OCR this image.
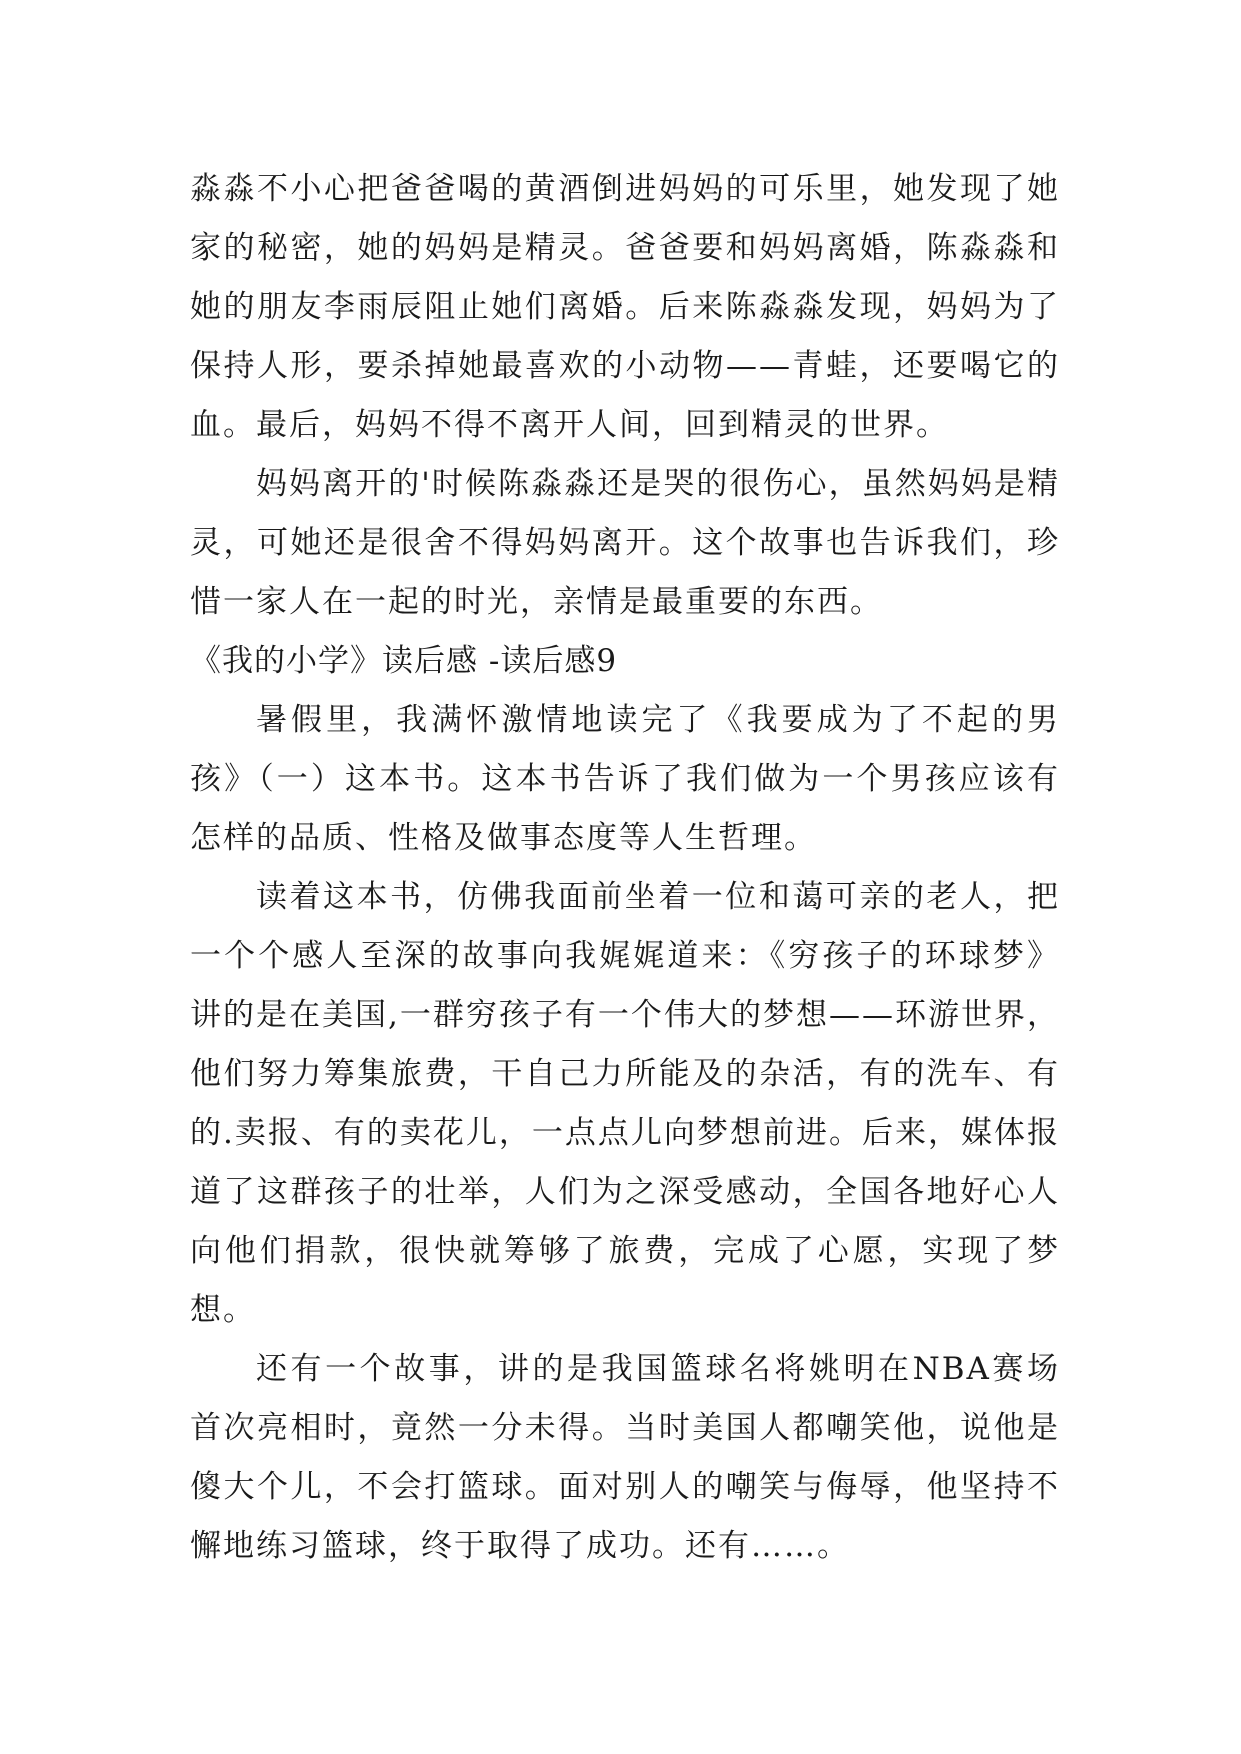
淼淼不小心把爸爸喝的黄酒倒进妈妈的可乐里，她发现了她家的秘密，她的妈妈是精灵。爸爸要和妈妈离婚，陈淼淼和她的朋友李雨辰阻止她们离婚。后来陈淼淼发现，妈妈为了保持人形，要杀掉她最喜欢的小动物——青蛙，还要喝它的血。最后，妈妈不得不离开人间，回到精灵的世界。

妈妈离开的'时候陈淼淼还是哭的很伤心，虽然妈妈是精灵，可她还是很舍不得妈妈离开。这个故事也告诉我们，珍惜一家人在一起的时光，亲情是最重要的东西。

《我的小学》读后感 -读后感9

暑假里，我满怀激情地读完了《我要成为了不起的男孩》（一）这本书。这本书告诉了我们做为一个男孩应该有怎样的品质、性格及做事态度等人生哲理。

读着这本书，仿佛我面前坐着一位和蔼可亲的老人，把一个个感人至深的故事向我娓娓道来：《穷孩子的环球梦》讲的是在美国,一群穷孩子有一个伟大的梦想——环游世界，他们努力筹集旅费，干自己力所能及的杂活，有的洗车、有的.卖报、有的卖花儿，一点点儿向梦想前进。后来，媒体报道了这群孩子的壮举，人们为之深受感动，全国各地好心人向他们捐款，很快就筹够了旅费，完成了心愿，实现了梦想。

还有一个故事，讲的是我国篮球名将姚明在NBA赛场首次亮相时，竟然一分未得。当时美国人都嘲笑他，说他是傻大个儿，不会打篮球。面对别人的嘲笑与侮辱，他坚持不懈地练习篮球，终于取得了成功。还有……。
